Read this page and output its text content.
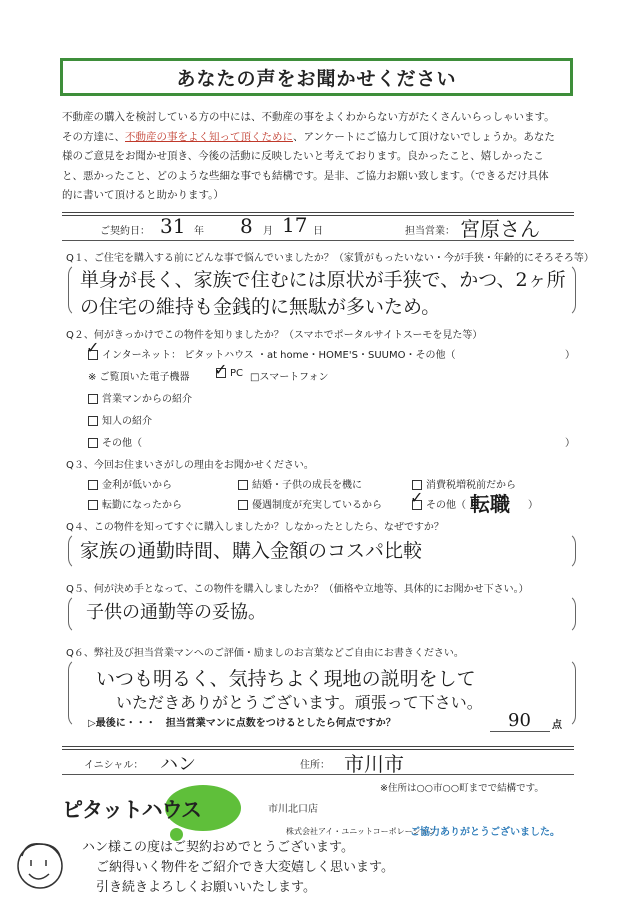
あなたの声をお聞かせください
不動産の購入を検討している方の中には、不動産の事をよくわからない方がたくさんいらっしゃいます。
その方達に、不動産の事をよく知って頂くために、アンケートにご協力して頂けないでしょうか。あなた
様のご意見をお聞かせ頂き、今後の活動に反映したいと考えております。良かったこと、嬉しかったこ
と、悪かったこと、どのような些細な事でも結構です。是非、ご協力お願い致します。（できるだけ具体
的に書いて頂けると助かります。）
ご契約日： 31 年 8 月 17 日	担当営業： 宮原さん
Q１、ご住宅を購入する前にどんな事で悩んでいましたか？（家賃がもったいない・今が手狭・年齢的にそろそろ等）
単身が長く、家族で住むには原状が手狭で、かつ、2ヶ所
の住宅の維持も金銭的に無駄が多いため。
Q２、何がきっかけでこの物件を知りましたか？（スマホでポータルサイトスーモを見た等）
インターネット： ピタットハウス ・at home・HOME'S・SUUMO・その他（
✓	）
※ ご覧頂いた電子機器	PC
✓ □スマートフォン
営業マンからの紹介
知人の紹介
その他（	）
Q３、今回お住まいさがしの理由をお聞かせください。
金利が低いから	結婚・子供の成長を機に	消費税増税前だから
転勤になったから	優遇制度が充実しているから	その他（
✓ 転職 ）
Q４、この物件を知ってすぐに購入しましたか？しなかったとしたら、なぜですか？
家族の通勤時間、購入金額のコスパ比較
Q５、何が決め手となって、この物件を購入しましたか？（価格や立地等、具体的にお聞かせ下さい。）
子供の通勤等の妥協。
Q６、弊社及び担当営業マンへのご評価・励ましのお言葉などご自由にお書きください。
いつも明るく、気持ちよく現地の説明をして
いただきありがとうございます。頑張って下さい。
▷最後に・・・　担当営業マンに点数をつけるとしたら何点ですか？	90 点
イニシャル： ハン	住所： 市川市
※住所は○○市○○町までで結構です。
ピタットハウス	市川北口店
株式会社アイ・ユニットコーポレーション
ご協力ありがとうございました。
ハン様この度はご契約おめでとうございます。
ご納得いく物件をご紹介でき大変嬉しく思います。
引き続きよろしくお願いいたします。
